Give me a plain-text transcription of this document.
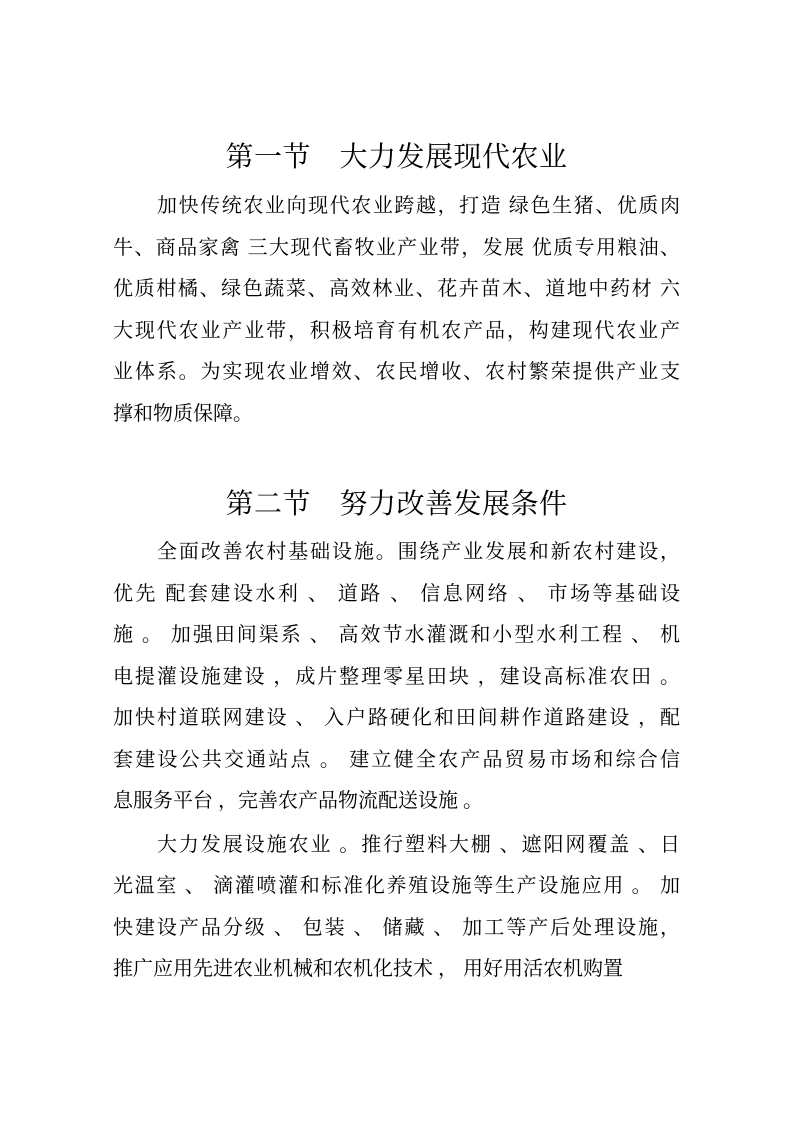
第一节　大力发展现代农业
加快传统农业向现代农业跨越，打造 绿色生猪、优质肉
牛、商品家禽 三大现代畜牧业产业带，发展 优质专用粮油、
优质柑橘、绿色蔬菜、高效林业、花卉苗木、道地中药材 六
大现代农业产业带，积极培育有机农产品，构建现代农业产
业体系。为实现农业增效、农民增收、农村繁荣提供产业支
撑和物质保障。
第二节　努力改善发展条件
全面改善农村基础设施。围绕产业发展和新农村建设，
优先 配套建设水利 、 道路 、 信息网络 、 市场等基础设
施 。 加强田间渠系 、 高效节水灌溉和小型水利工程 、 机
电提灌设施建设 ，成片整理零星田块 ，建设高标准农田 。
加快村道联网建设 、 入户路硬化和田间耕作道路建设 ，配
套建设公共交通站点 。 建立健全农产品贸易市场和综合信
息服务平台 ，完善农产品物流配送设施 。
大力发展设施农业 。推行塑料大棚 、遮阳网覆盖 、日
光温室 、 滴灌喷灌和标准化养殖设施等生产设施应用 。 加
快建设产品分级 、 包装 、 储藏 、 加工等产后处理设施，
推广应用先进农业机械和农机化技术 ， 用好用活农机购置
